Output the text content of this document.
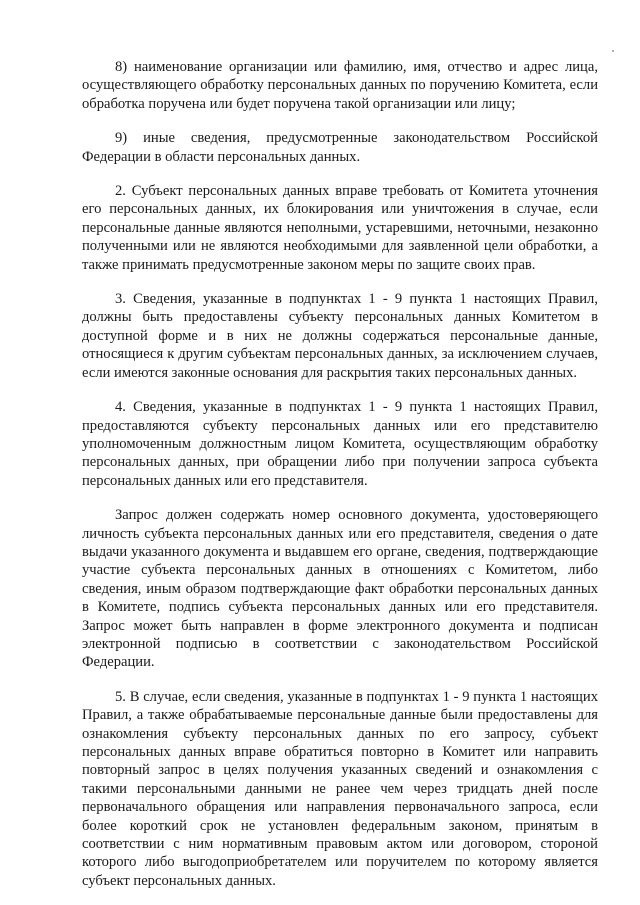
8) наименование организации или фамилию, имя, отчество и адрес лица, осуществляющего обработку персональных данных по поручению Комитета, если обработка поручена или будет поручена такой организации или лицу;

9) иные сведения, предусмотренные законодательством Российской Федерации в области персональных данных.

2. Субъект персональных данных вправе требовать от Комитета уточнения его персональных данных, их блокирования или уничтожения в случае, если персональные данные являются неполными, устаревшими, неточными, незаконно полученными или не являются необходимыми для заявленной цели обработки, а также принимать предусмотренные законом меры по защите своих прав.

3. Сведения, указанные в подпунктах 1 - 9 пункта 1 настоящих Правил, должны быть предоставлены субъекту персональных данных Комитетом в доступной форме и в них не должны содержаться персональные данные, относящиеся к другим субъектам персональных данных, за исключением случаев, если имеются законные основания для раскрытия таких персональных данных.

4. Сведения, указанные в подпунктах 1 - 9 пункта 1 настоящих Правил, предоставляются субъекту персональных данных или его представителю уполномоченным должностным лицом Комитета, осуществляющим обработку персональных данных, при обращении либо при получении запроса субъекта персональных данных или его представителя.

Запрос должен содержать номер основного документа, удостоверяющего личность субъекта персональных данных или его представителя, сведения о дате выдачи указанного документа и выдавшем его органе, сведения, подтверждающие участие субъекта персональных данных в отношениях с Комитетом, либо сведения, иным образом подтверждающие факт обработки персональных данных в Комитете, подпись субъекта персональных данных или его представителя. Запрос может быть направлен в форме электронного документа и подписан электронной подписью в соответствии с законодательством Российской Федерации.

5. В случае, если сведения, указанные в подпунктах 1 - 9 пункта 1 настоящих Правил, а также обрабатываемые персональные данные были предоставлены для ознакомления субъекту персональных данных по его запросу, субъект персональных данных вправе обратиться повторно в Комитет или направить повторный запрос в целях получения указанных сведений и ознакомления с такими персональными данными не ранее чем через тридцать дней после первоначального обращения или направления первоначального запроса, если более короткий срок не установлен федеральным законом, принятым в соответствии с ним нормативным правовым актом или договором, стороной которого либо выгодоприобретателем или поручителем по которому является субъект персональных данных.
